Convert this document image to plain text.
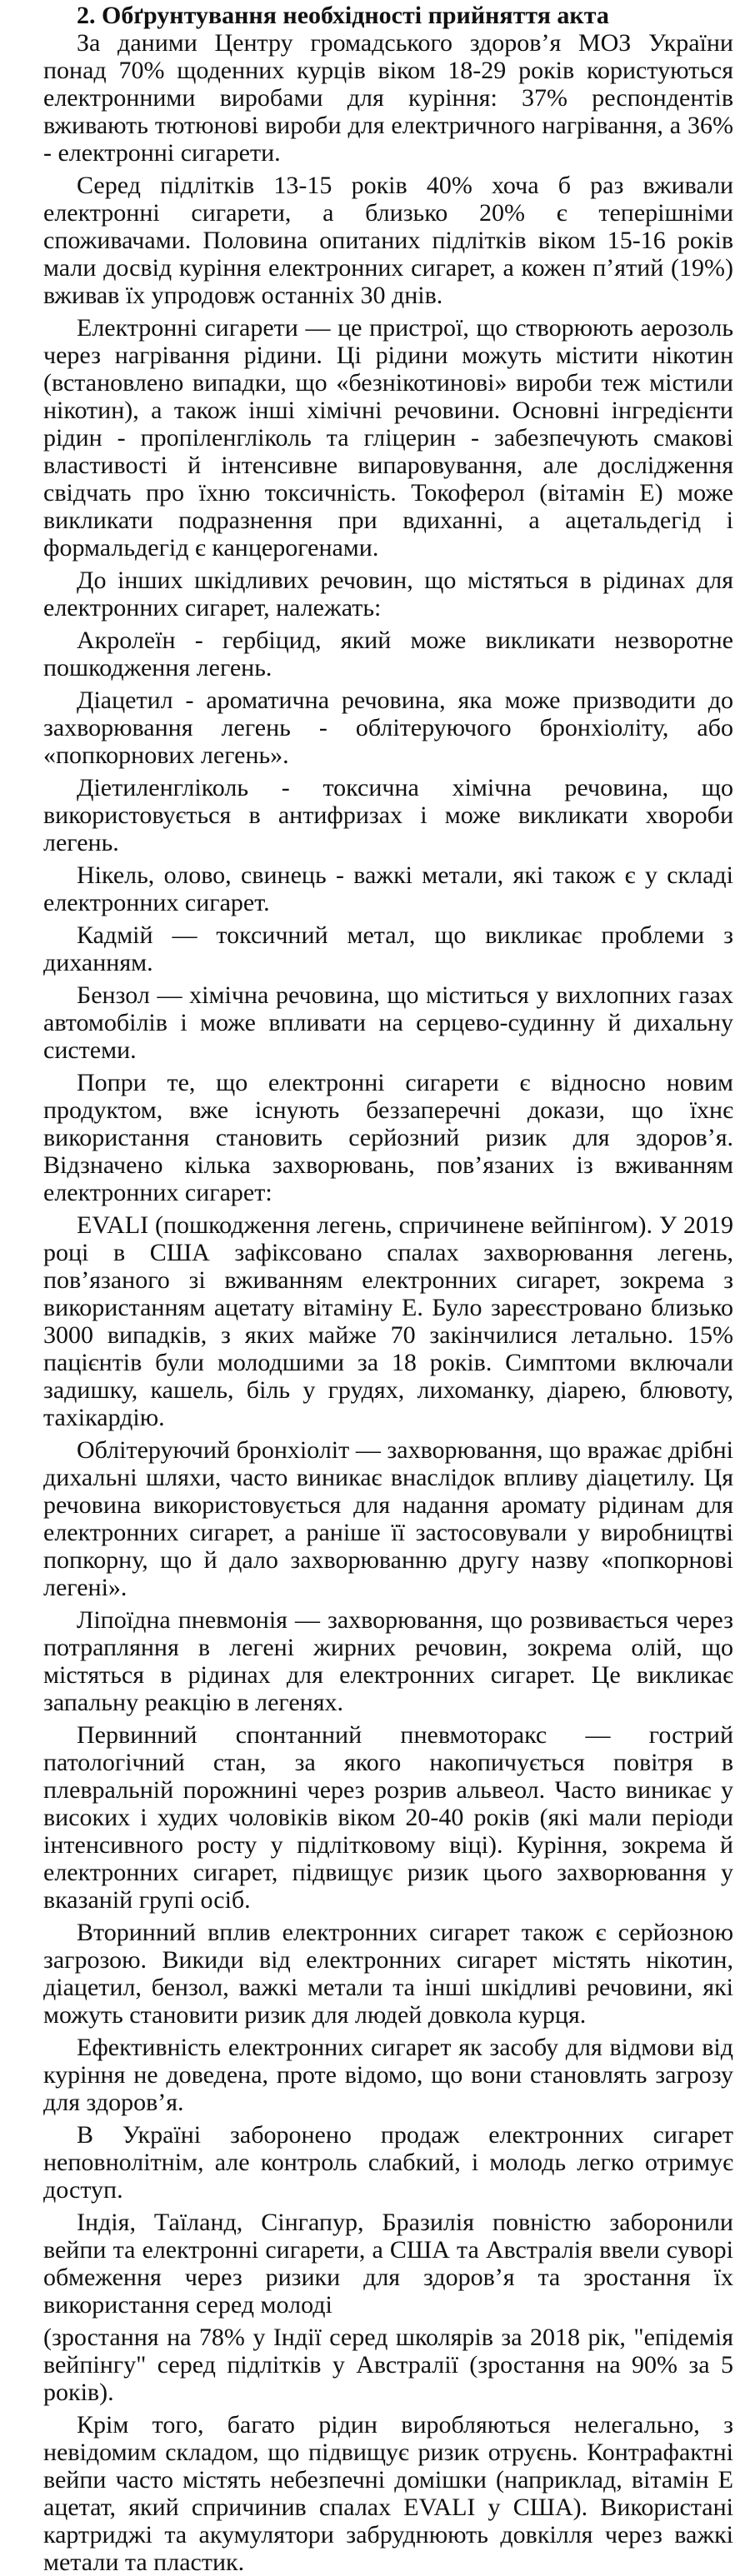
2. Обґрунтування необхідності прийняття акта

За даними Центру громадського здоров’я МОЗ України понад 70% щоденних курців віком 18-29 років користуються електронними виробами для куріння: 37% респондентів вживають тютюнові вироби для електричного нагрівання, а 36% - електронні сигарети.

Серед підлітків 13-15 років 40% хоча б раз вживали електронні сигарети, а близько 20% є теперішніми споживачами. Половина опитаних підлітків віком 15-16 років мали досвід куріння електронних сигарет, а кожен п’ятий (19%) вживав їх упродовж останніх 30 днів.

Електронні сигарети — це пристрої, що створюють аерозоль через нагрівання рідини. Ці рідини можуть містити нікотин (встановлено випадки, що «безнікотинові» вироби теж містили нікотин), а також інші хімічні речовини. Основні інгредієнти рідин - пропіленгліколь та гліцерин - забезпечують смакові властивості й інтенсивне випаровування, але дослідження свідчать про їхню токсичність. Токоферол (вітамін Е) може викликати подразнення при вдиханні, а ацетальдегід і формальдегід є канцерогенами.

До інших шкідливих речовин, що містяться в рідинах для електронних сигарет, належать:

Акролеїн - гербіцид, який може викликати незворотне пошкодження легень.

Діацетил - ароматична речовина, яка може призводити до захворювання легень - облітеруючого бронхіоліту, або «попкорнових легень».

Діетиленгліколь - токсична хімічна речовина, що використовується в антифризах і може викликати хвороби легень.

Нікель, олово, свинець - важкі метали, які також є у складі електронних сигарет.

Кадмій — токсичний метал, що викликає проблеми з диханням.

Бензол — хімічна речовина, що міститься у вихлопних газах автомобілів і може впливати на серцево-судинну й дихальну системи.

Попри те, що електронні сигарети є відносно новим продуктом, вже існують беззаперечні докази, що їхнє використання становить серйозний ризик для здоров’я. Відзначено кілька захворювань, пов’язаних із вживанням електронних сигарет:

EVALI (пошкодження легень, спричинене вейпінгом). У 2019 році в США зафіксовано спалах захворювання легень, пов’язаного зі вживанням електронних сигарет, зокрема з використанням ацетату вітаміну Е. Було зареєстровано близько 3000 випадків, з яких майже 70 закінчилися летально. 15% пацієнтів були молодшими за 18 років. Симптоми включали задишку, кашель, біль у грудях, лихоманку, діарею, блювоту, тахікардію.

Облітеруючий бронхіоліт — захворювання, що вражає дрібні дихальні шляхи, часто виникає внаслідок впливу діацетилу. Ця речовина використовується для надання аромату рідинам для електронних сигарет, а раніше її застосовували у виробництві попкорну, що й дало захворюванню другу назву «попкорнові легені».

Ліпоїдна пневмонія — захворювання, що розвивається через потрапляння в легені жирних речовин, зокрема олій, що містяться в рідинах для електронних сигарет. Це викликає запальну реакцію в легенях.

Первинний спонтанний пневмоторакс — гострий патологічний стан, за якого накопичується повітря в плевральній порожнині через розрив альвеол. Часто виникає у високих і худих чоловіків віком 20-40 років (які мали періоди інтенсивного росту у підлітковому віці). Куріння, зокрема й електронних сигарет, підвищує ризик цього захворювання у вказаній групі осіб.

Вторинний вплив електронних сигарет також є серйозною загрозою. Викиди від електронних сигарет містять нікотин, діацетил, бензол, важкі метали та інші шкідливі речовини, які можуть становити ризик для людей довкола курця.

Ефективність електронних сигарет як засобу для відмови від куріння не доведена, проте відомо, що вони становлять загрозу для здоров’я.

В Україні заборонено продаж електронних сигарет неповнолітнім, але контроль слабкий, і молодь легко отримує доступ.

Індія, Таїланд, Сінгапур, Бразилія повністю заборонили вейпи та електронні сигарети, а США та Австралія ввели суворі обмеження через ризики для здоров’я та зростання їх використання серед молоді

(зростання на 78% у Індії серед школярів за 2018 рік, "епідемія вейпінгу" серед підлітків у Австралії (зростання на 90% за 5 років).

Крім того, багато рідин виробляються нелегально, з невідомим складом, що підвищує ризик отруєнь. Контрафактні вейпи часто містять небезпечні домішки (наприклад, вітамін Е ацетат, який спричинив спалах EVALI у США). Використані картриджі та акумулятори забруднюють довкілля через важкі метали та пластик.
